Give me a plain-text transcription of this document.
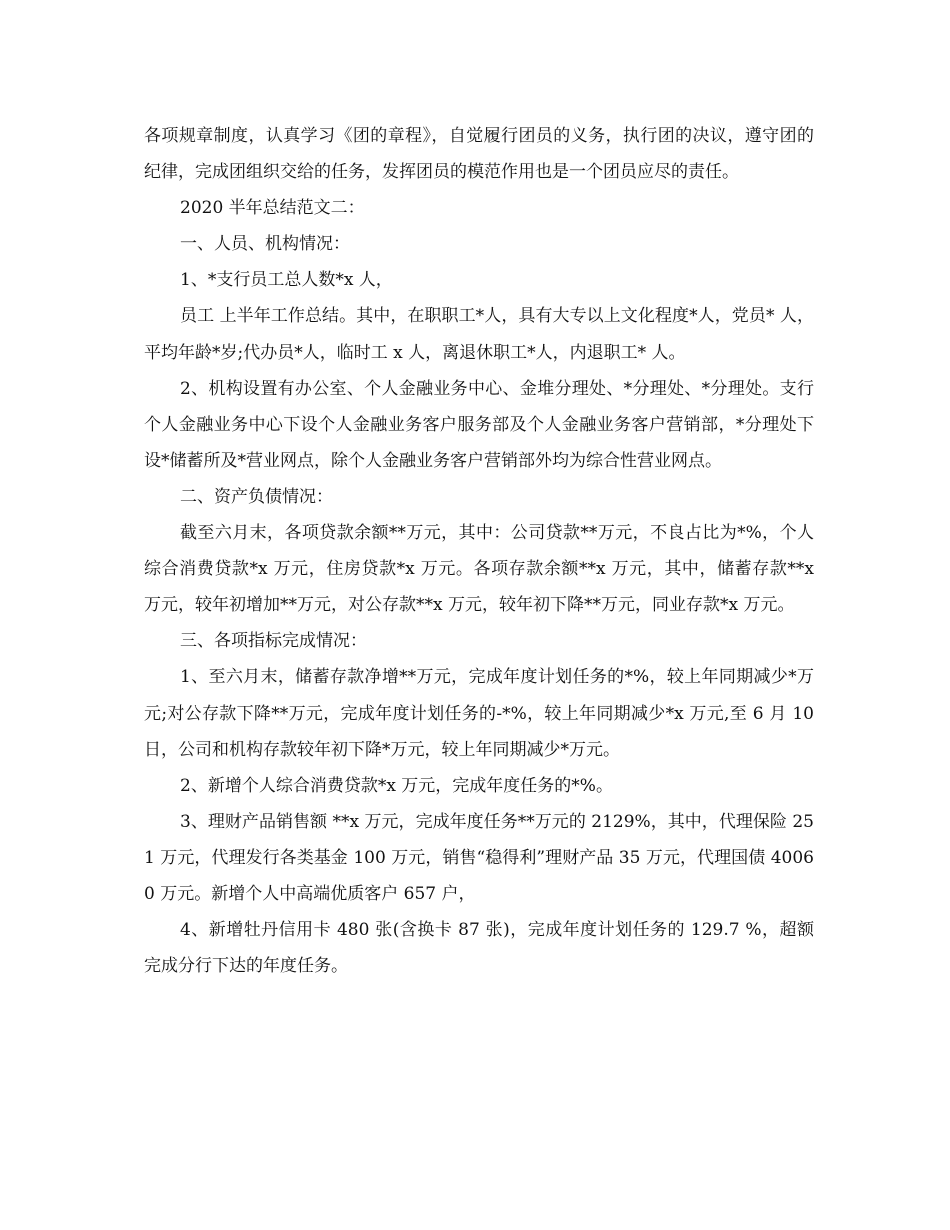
各项规章制度，认真学习《团的章程》，自觉履行团员的义务，执行团的决议，遵守团的纪律，完成团组织交给的任务，发挥团员的模范作用也是一个团员应尽的责任。

2020 半年总结范文二：

一、人员、机构情况：

1、*支行员工总人数*x 人，

员工 上半年工作总结。其中，在职职工*人，具有大专以上文化程度*人，党员* 人，平均年龄*岁;代办员*人，临时工 x 人，离退休职工*人，内退职工* 人。

2、机构设置有办公室、个人金融业务中心、金堆分理处、*分理处、*分理处。支行个人金融业务中心下设个人金融业务客户服务部及个人金融业务客户营销部，*分理处下设*储蓄所及*营业网点，除个人金融业务客户营销部外均为综合性营业网点。

二、资产负债情况：

截至六月末，各项贷款余额**万元，其中：公司贷款**万元，不良占比为*%，个人综合消费贷款*x 万元，住房贷款*x 万元。各项存款余额**x 万元，其中，储蓄存款**x 万元，较年初增加**万元，对公存款**x 万元，较年初下降**万元，同业存款*x 万元。

三、各项指标完成情况：

1、至六月末，储蓄存款净增**万元，完成年度计划任务的*%，较上年同期减少*万元;对公存款下降**万元，完成年度计划任务的-*%，较上年同期减少*x 万元,至 6 月 10 日，公司和机构存款较年初下降*万元，较上年同期减少*万元。

2、新增个人综合消费贷款*x 万元，完成年度任务的*%。

3、理财产品销售额 **x 万元，完成年度任务**万元的 2129%，其中，代理保险 251 万元，代理发行各类基金 100 万元，销售“稳得利”理财产品 35 万元，代理国债 40060 万元。新增个人中高端优质客户 657 户，

4、新增牡丹信用卡 480 张(含换卡 87 张)，完成年度计划任务的 129.7 %，超额完成分行下达的年度任务。
